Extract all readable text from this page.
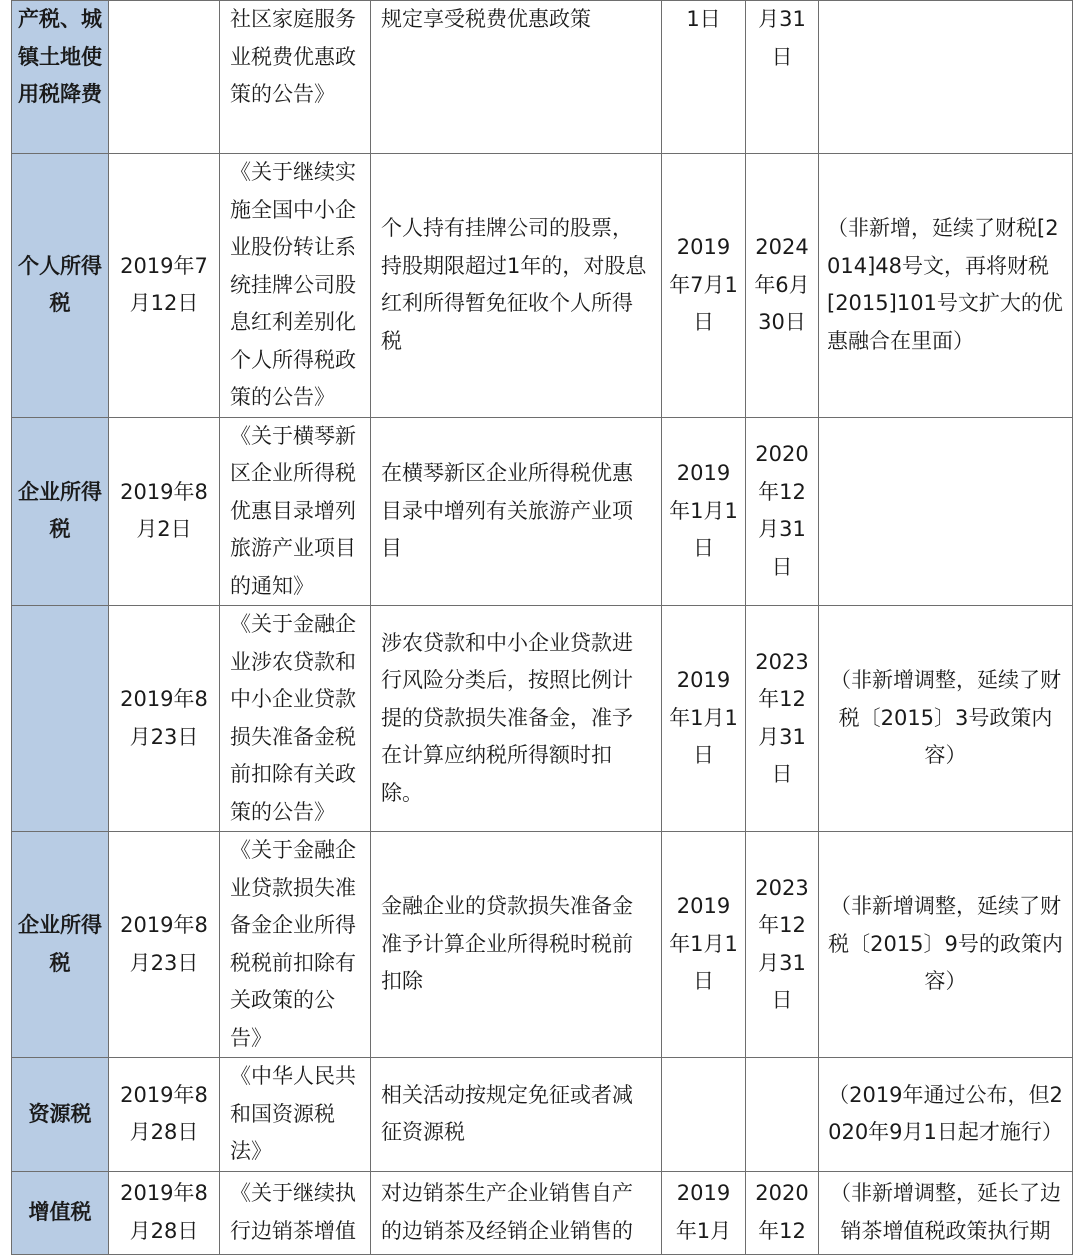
产税、城镇土地使用税降费		社区家庭服务业税费优惠政策的公告》	规定享受税费优惠政策	1日	月31日	

个人所得税	2019年7月12日	《关于继续实施全国中小企业股份转让系统挂牌公司股息红利差别化个人所得税政策的公告》	个人持有挂牌公司的股票，持股期限超过1年的，对股息红利所得暂免征收个人所得税	2019年7月1日	2024年6月30日	（非新增，延续了财税[2014]48号文，再将财税[2015]101号文扩大的优惠融合在里面）

企业所得税	2019年8月2日	《关于横琴新区企业所得税优惠目录增列旅游产业项目的通知》	在横琴新区企业所得税优惠目录中增列有关旅游产业项目	2019年1月1日	2020年12月31日	

	2019年8月23日	《关于金融企业涉农贷款和中小企业贷款损失准备金税前扣除有关政策的公告》	涉农贷款和中小企业贷款进行风险分类后，按照比例计提的贷款损失准备金，准予在计算应纳税所得额时扣除。	2019年1月1日	2023年12月31日	（非新增调整，延续了财税〔2015〕3号政策内容）

企业所得税	2019年8月23日	《关于金融企业贷款损失准备金企业所得税税前扣除有关政策的公告》	金融企业的贷款损失准备金准予计算企业所得税时税前扣除	2019年1月1日	2023年12月31日	（非新增调整，延续了财税〔2015〕9号的政策内容）

资源税	2019年8月28日	《中华人民共和国资源税法》	相关活动按规定免征或者减征资源税			（2019年通过公布，但2020年9月1日起才施行）

增值税	2019年8月28日	《关于继续执行边销茶增值	对边销茶生产企业销售自产的边销茶及经销企业销售的	2019年1月	2020年12	（非新增调整，延长了边销茶增值税政策执行期
